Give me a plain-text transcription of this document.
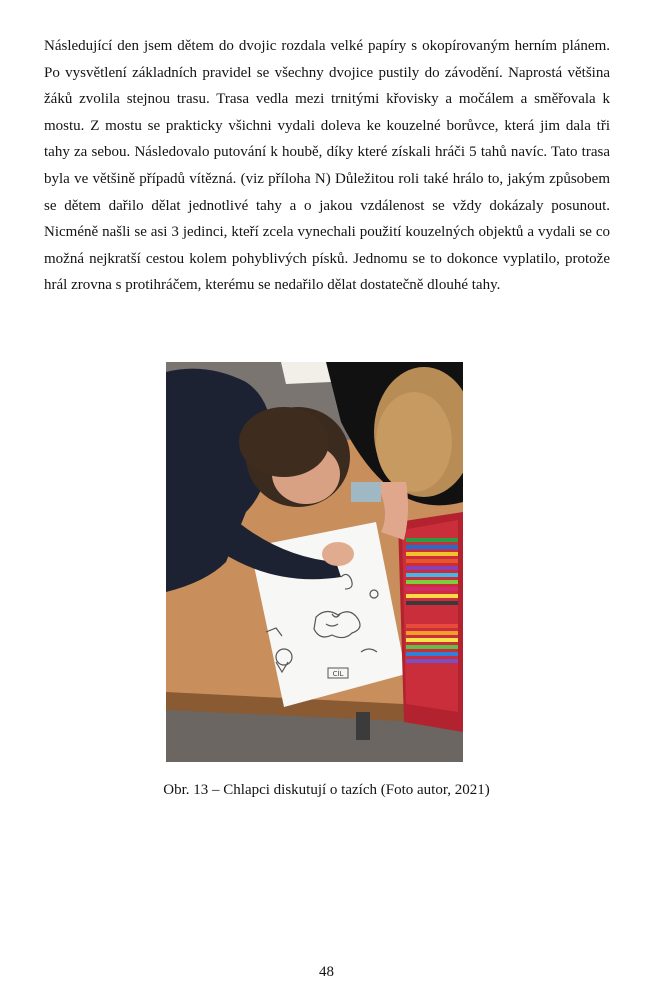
Následující den jsem dětem do dvojic rozdala velké papíry s okopírovaným herním plánem. Po vysvětlení základních pravidel se všechny dvojice pustily do závodění. Naprostá většina žáků zvolila stejnou trasu. Trasa vedla mezi trnitými křovisky a močálem a směřovala k mostu. Z mostu se prakticky všichni vydali doleva ke kouzelné borůvce, která jim dala tři tahy za sebou. Následovalo putování k houbě, díky které získali hráči 5 tahů navíc. Tato trasa byla ve většině případů vítězná. (viz příloha N) Důležitou roli také hrálo to, jakým způsobem se dětem dařilo dělat jednotlivé tahy a o jakou vzdálenost se vždy dokázaly posunout. Nicméně našli se asi 3 jedinci, kteří zcela vynechali použití kouzelných objektů a vydali se co možná nejkratší cestou kolem pohyblivých písků. Jednomu se to dokonce vyplatilo, protože hrál zrovna s protihráčem, kterému se nedařilo dělat dostatečně dlouhé tahy.

CÍL

Obr. 13 – Chlapci diskutují o tazích (Foto autor, 2021)

48
